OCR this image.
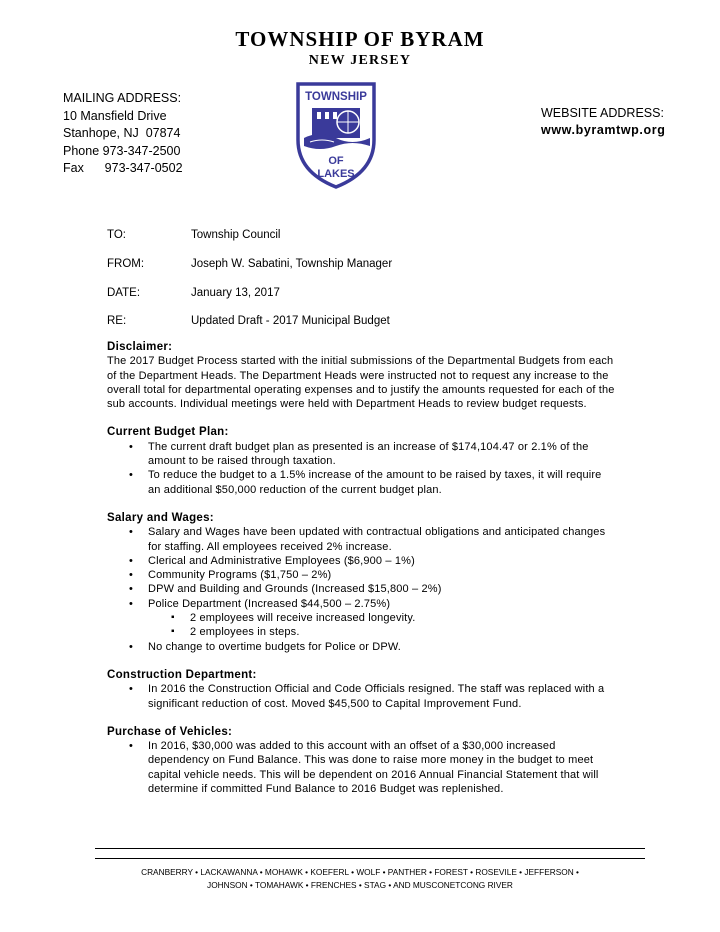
TOWNSHIP OF BYRAM
NEW JERSEY
MAILING ADDRESS:
10 Mansfield Drive
Stanhope, NJ  07874
Phone 973-347-2500
Fax      973-347-0502
TOWNSHIP
OF
LAKES
WEBSITE ADDRESS:
www.byramtwp.org
TO:	Township Council
FROM:	Joseph W. Sabatini, Township Manager
DATE:	January 13, 2017
RE:	Updated Draft - 2017 Municipal Budget
Disclaimer:

The 2017 Budget Process started with the initial submissions of the Departmental Budgets from each of the Department Heads. The Department Heads were instructed not to request any increase to the overall total for departmental operating expenses and to justify the amounts requested for each of the sub accounts. Individual meetings were held with Department Heads to review budget requests.

Current Budget Plan:
• The current draft budget plan as presented is an increase of $174,104.47 or 2.1% of the amount to be raised through taxation.
• To reduce the budget to a 1.5% increase of the amount to be raised by taxes, it will require an additional $50,000 reduction of the current budget plan.
Salary and Wages:
• Salary and Wages have been updated with contractual obligations and anticipated changes for staffing. All employees received 2% increase.
• Clerical and Administrative Employees ($6,900 – 1%)
• Community Programs ($1,750 – 2%)
• DPW and Building and Grounds (Increased $15,800 – 2%)
• Police Department (Increased $44,500 – 2.75%)
▪ 2 employees will receive increased longevity.
▪ 2 employees in steps.
• No change to overtime budgets for Police or DPW.
Construction Department:
• In 2016 the Construction Official and Code Officials resigned. The staff was replaced with a significant reduction of cost. Moved $45,500 to Capital Improvement Fund.
Purchase of Vehicles:
• In 2016, $30,000 was added to this account with an offset of a $30,000 increased dependency on Fund Balance. This was done to raise more money in the budget to meet capital vehicle needs. This will be dependent on 2016 Annual Financial Statement that will determine if committed Fund Balance to 2016 Budget was replenished.
CRANBERRY • LACKAWANNA • MOHAWK • KOEFERL • WOLF • PANTHER • FOREST • ROSEVILE • JEFFERSON •
JOHNSON • TOMAHAWK • FRENCHES • STAG • AND MUSCONETCONG RIVER
